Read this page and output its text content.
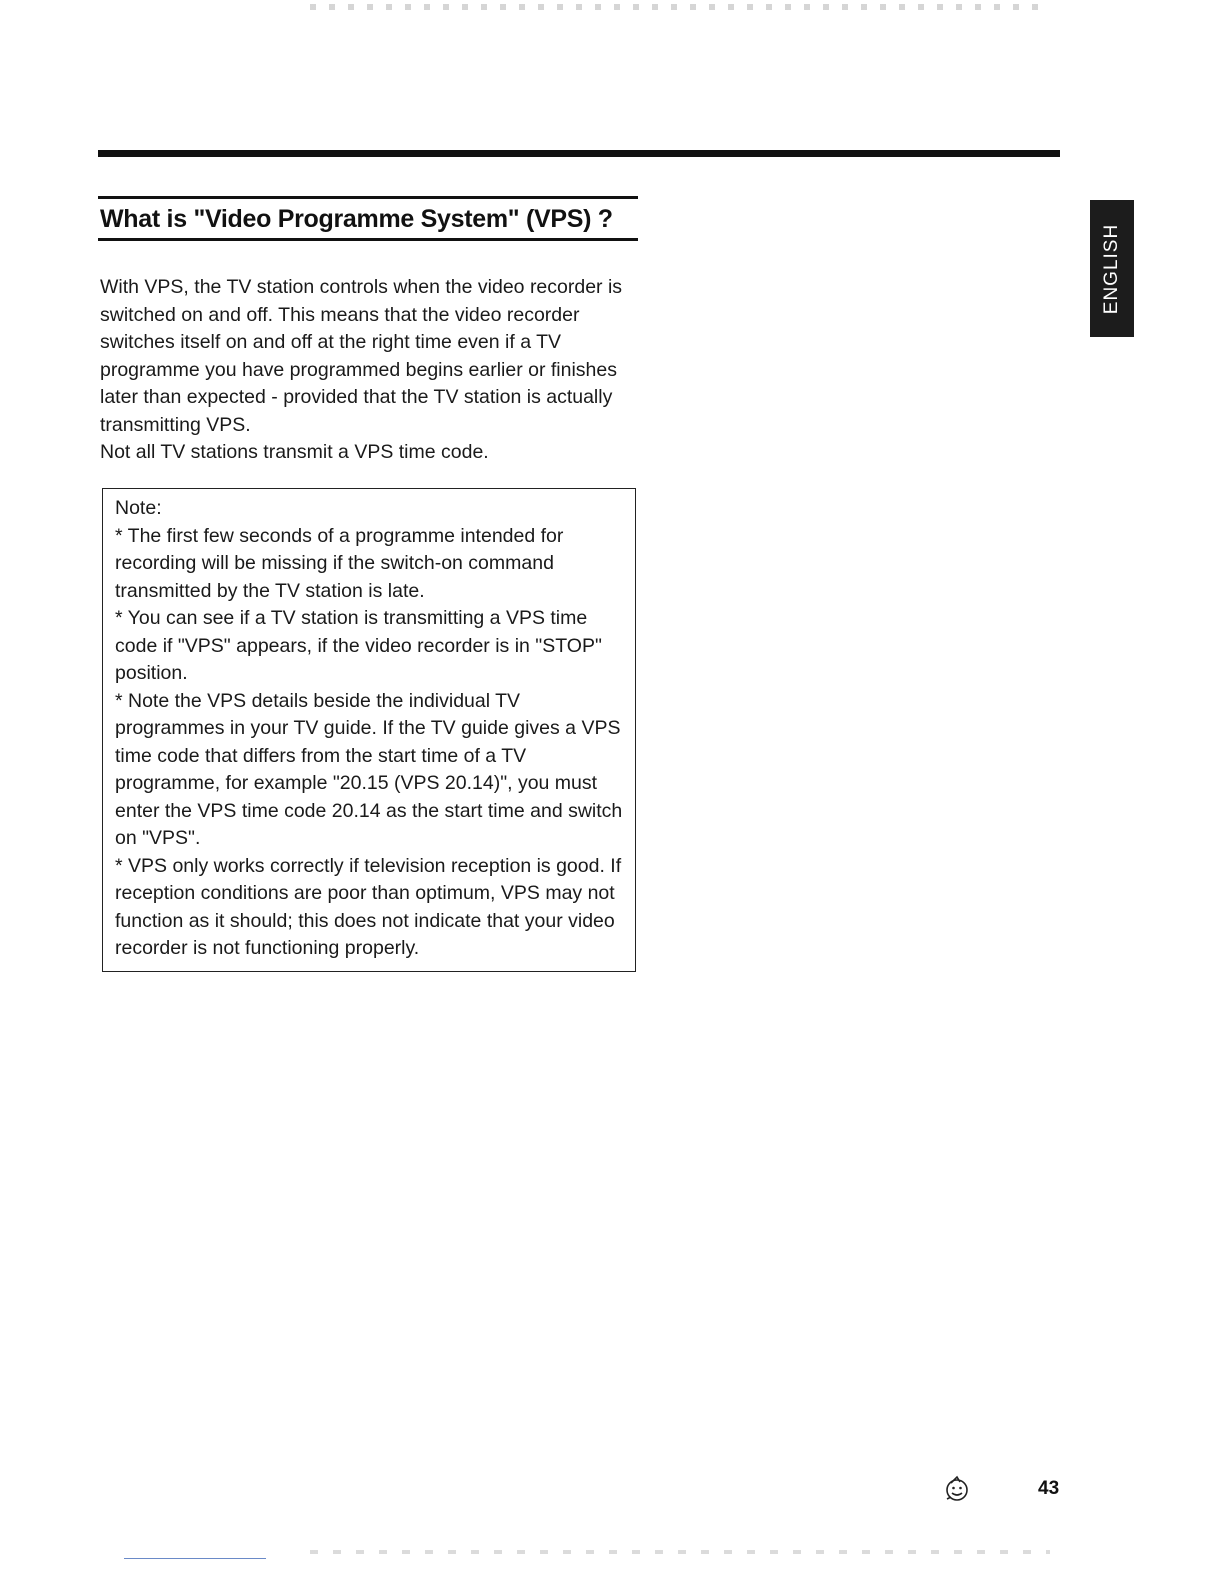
What is "Video Programme System" (VPS) ?
ENGLISH

With VPS, the TV station controls when the video recorder is switched on and off. This means that the video recorder switches itself on and off at the right time even if a TV programme you have programmed begins earlier or finishes later than expected - provided that the TV station is actually transmitting VPS.

Not all TV stations transmit a VPS time code.

Note:

* The first few seconds of a programme intended for recording will be missing if the switch-on command transmitted by the TV station is late.

* You can see if a TV station is transmitting a VPS time code if "VPS" appears, if the video recorder is in "STOP" position.

* Note the VPS details beside the individual TV programmes in your TV guide. If the TV guide gives a VPS time code that differs from the start time of a TV programme, for example "20.15 (VPS 20.14)", you must enter the VPS time code 20.14 as the start time and switch on "VPS".

* VPS only works correctly if television reception is good. If reception conditions are poor than optimum, VPS may not function as it should; this does not indicate that your video recorder is not functioning properly.

43
